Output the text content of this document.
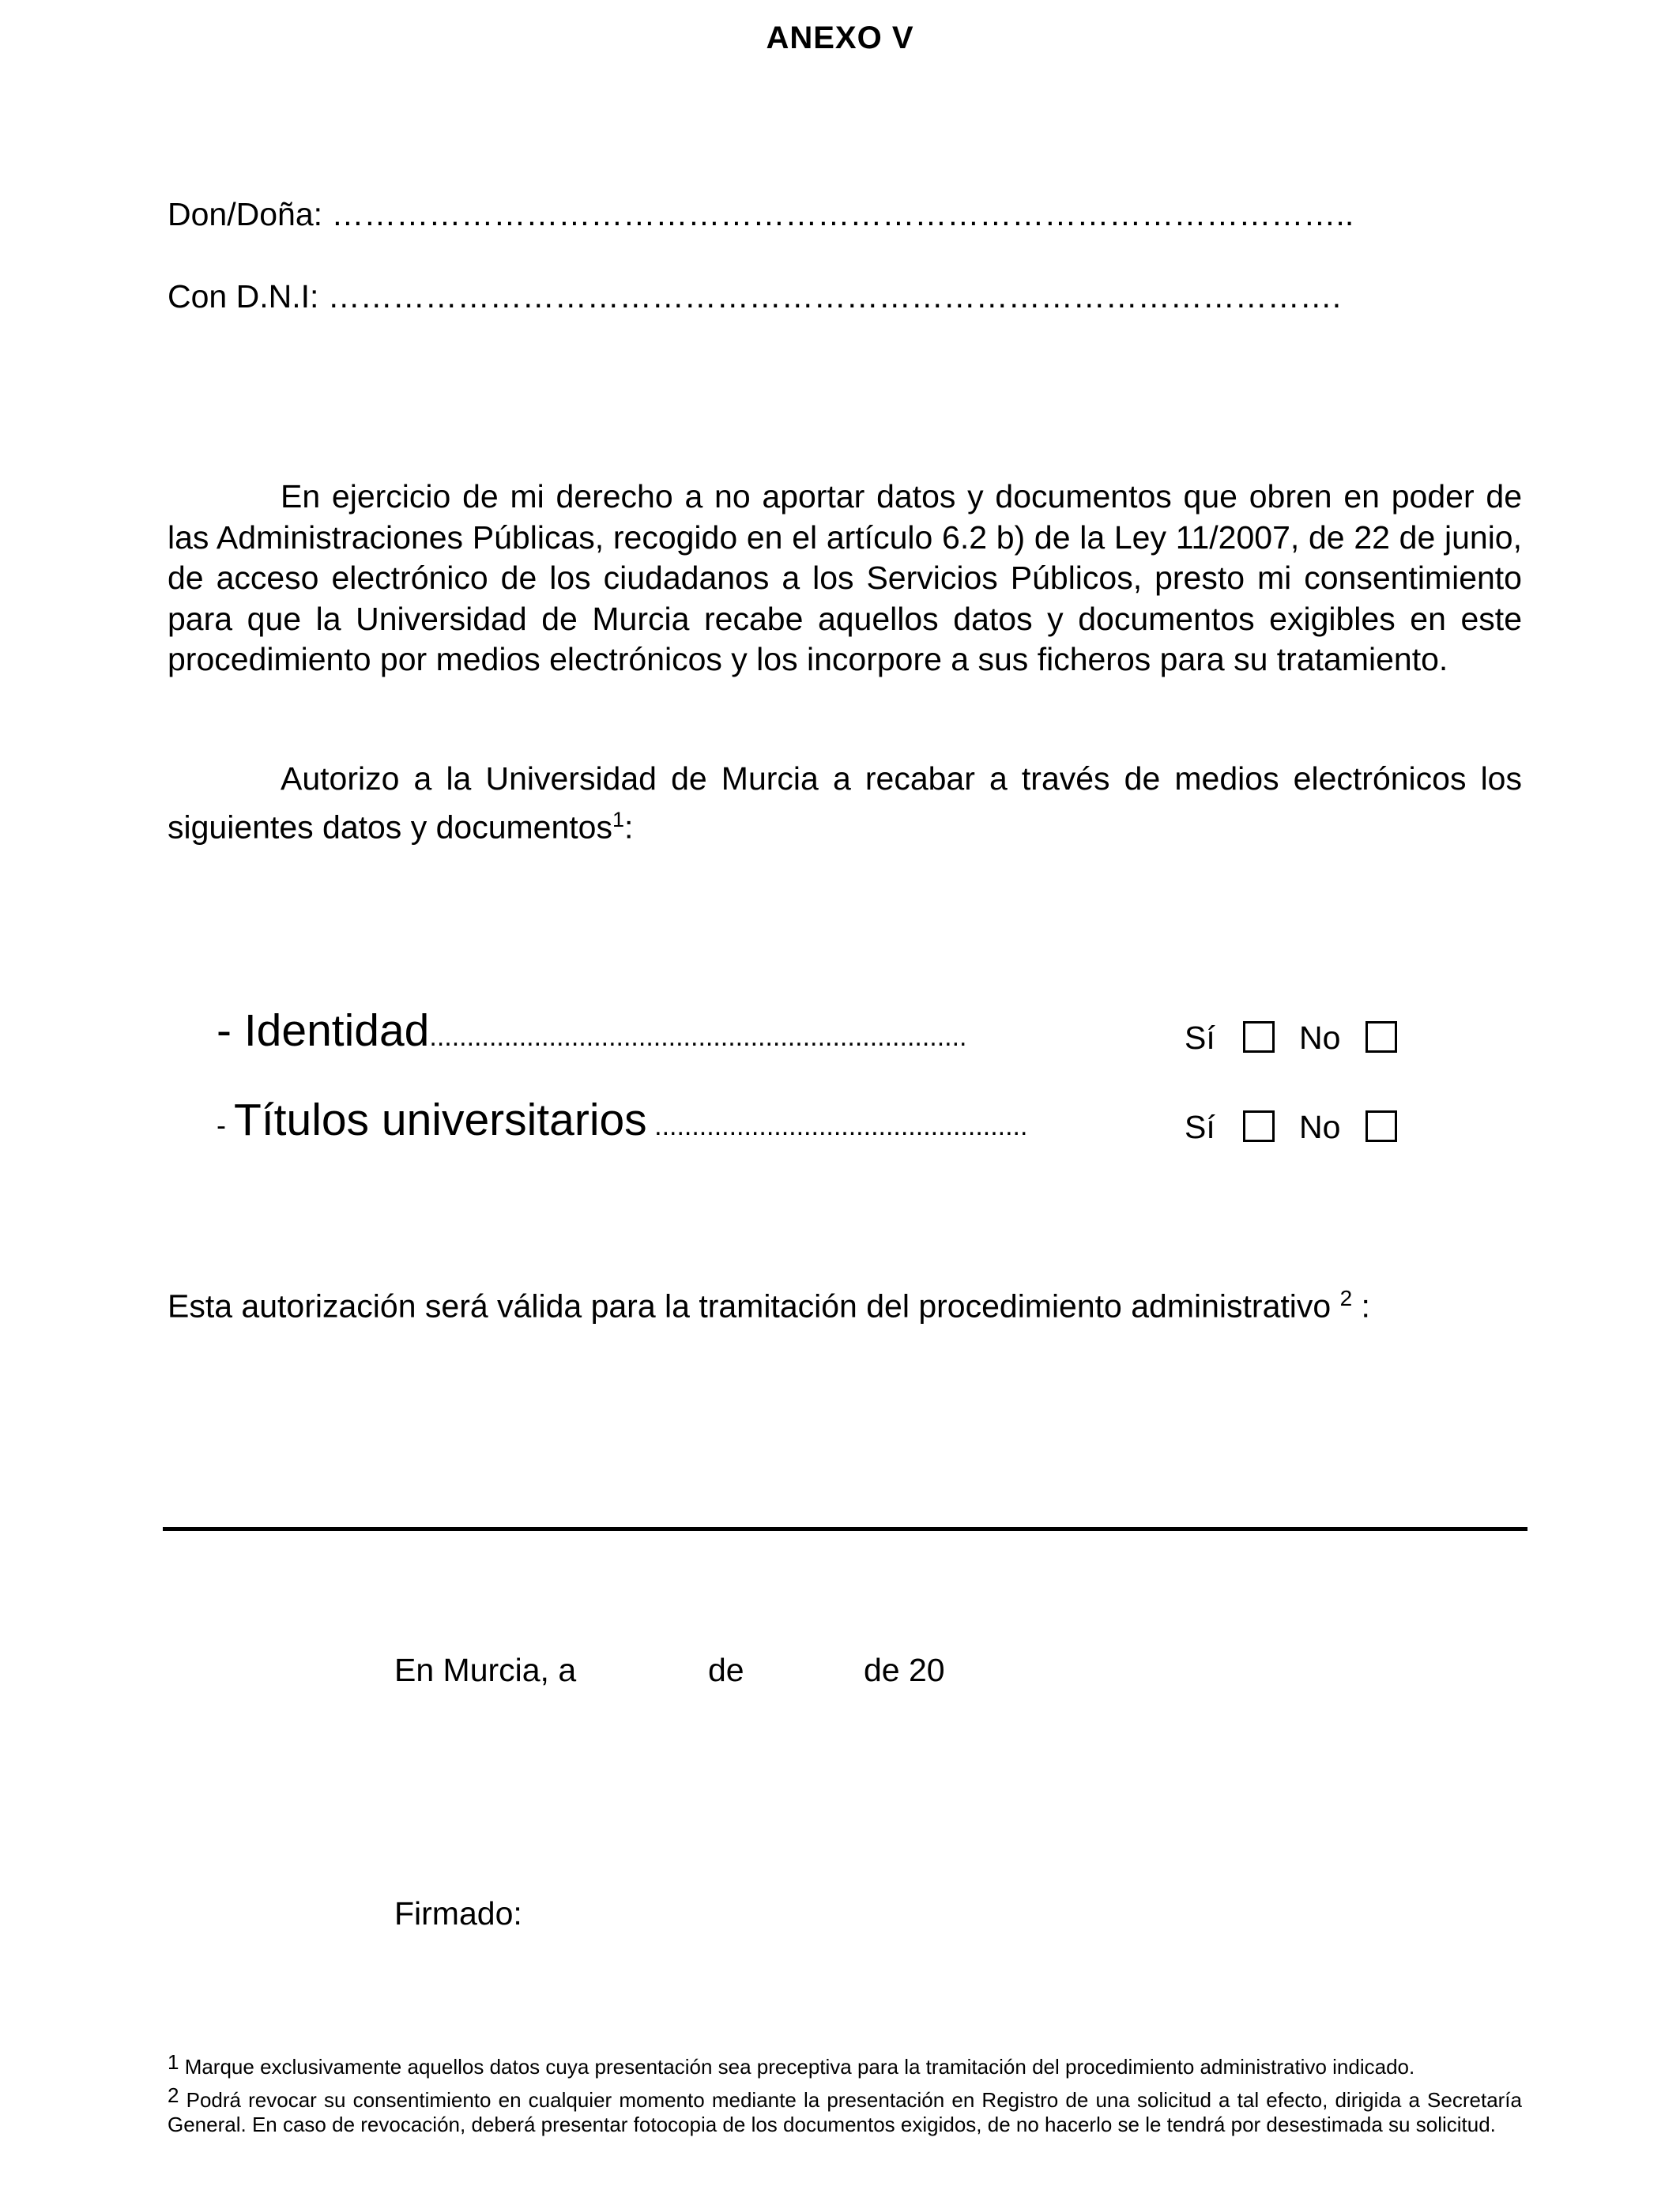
ANEXO V
Don/Doña: …………………………………………………………………………………..
Con D.N.I: ………………………………………………………………………………….
En ejercicio de mi derecho a no aportar datos y documentos que obren en poder de las Administraciones Públicas, recogido en el artículo 6.2 b) de la Ley 11/2007, de 22 de junio, de acceso electrónico de los ciudadanos a los Servicios Públicos, presto mi consentimiento para que la Universidad de Murcia recabe aquellos datos y documentos exigibles en este procedimiento por medios electrónicos y los incorpore a sus ficheros para su tratamiento.
Autorizo a la Universidad de Murcia a recabar a través de medios electrónicos los siguientes datos y documentos$^1$:
- Identidad........................................................................	Sí	No
- Títulos universitarios ..................................................	Sí	No
Esta autorización será válida para la tramitación del procedimiento administrativo $^2$ :
En Murcia, a	de	de 20
Firmado:
$^1$ Marque exclusivamente aquellos datos cuya presentación sea preceptiva para la tramitación del procedimiento administrativo indicado.
$^2$ Podrá revocar su consentimiento en cualquier momento mediante la presentación en Registro de una solicitud a tal efecto, dirigida a Secretaría General. En caso de revocación, deberá presentar fotocopia de los documentos exigidos, de no hacerlo se le tendrá por desestimada su solicitud.
